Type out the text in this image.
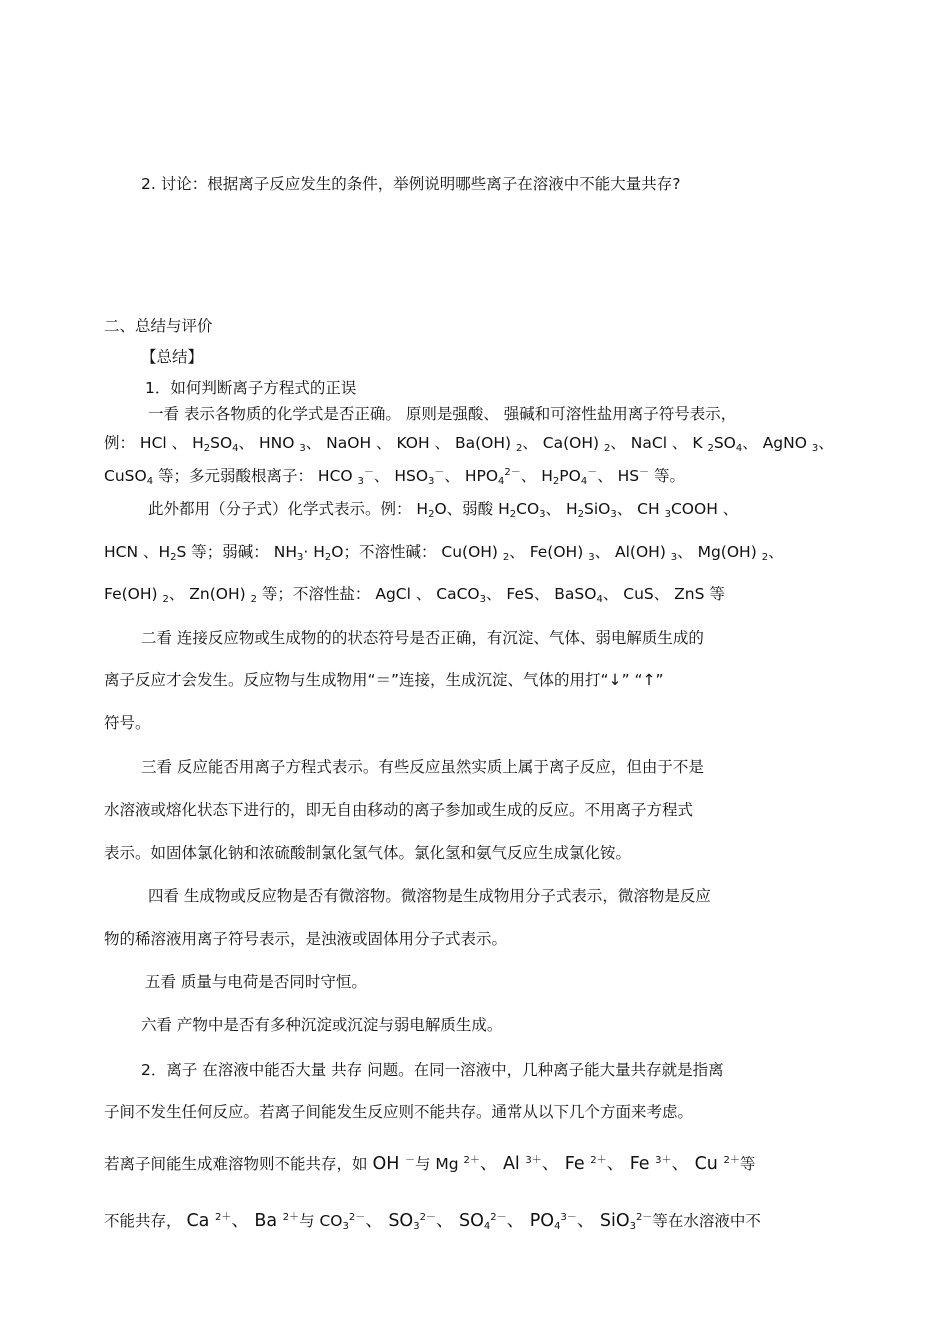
2. 讨论：根据离子反应发生的条件，举例说明哪些离子在溶液中不能大量共存?
二、总结与评价
【总结】
1．如何判断离子方程式的正误
一看 表示各物质的化学式是否正确。 原则是强酸、 强碱和可溶性盐用离子符号表示，
例： HCl 、 $H_2SO_4$、 HNO $_3$、 NaOH 、 KOH 、 Ba(OH) $_2$、 Ca(OH) $_2$、 NaCl 、 K $_2SO_4$、 AgNO $_3$、
CuSO$_4$ 等；多元弱酸根离子： HCO $_3$－、 $HSO_3^-$、 $HPO_4^{2-}$、 $H_2PO_4^-$、 HS－ 等。
此外都用（分子式）化学式表示。例： $H_2O$、弱酸 $H_2CO_3$、 $H_2SiO_3$、 CH $_3$COOH 、
HCN 、$H_2S$ 等；弱碱： $NH_3\cdot H_2O$；不溶性碱： Cu(OH) $_2$、 Fe(OH) $_3$、 Al(OH) $_3$、 Mg(OH) $_2$、
Fe(OH) $_2$、 Zn(OH) $_2$ 等；不溶性盐： AgCl 、 CaCO$_3$、 FeS、 BaSO$_4$、 CuS、 ZnS 等
二看 连接反应物或生成物的的状态符号是否正确，有沉淀、气体、弱电解质生成的
离子反应才会发生。反应物与生成物用“＝”连接，生成沉淀、气体的用打“↓” “↑”
符号。
三看 反应能否用离子方程式表示。有些反应虽然实质上属于离子反应，但由于不是
水溶液或熔化状态下进行的，即无自由移动的离子参加或生成的反应。不用离子方程式
表示。如固体氯化钠和浓硫酸制氯化氢气体。氯化氢和氨气反应生成氯化铵。
四看 生成物或反应物是否有微溶物。微溶物是生成物用分子式表示，微溶物是反应
物的稀溶液用离子符号表示，是浊液或固体用分子式表示。
五看 质量与电荷是否同时守恒。
六看 产物中是否有多种沉淀或沉淀与弱电解质生成。
2．离子 在溶液中能否大量 共存 问题。在同一溶液中，几种离子能大量共存就是指离
子间不发生任何反应。若离子间能发生反应则不能共存。通常从以下几个方面来考虑。
若离子间能生成难溶物则不能共存，如 OH －与 Mg $^{2+}$、 Al $^{3+}$、 Fe $^{2+}$、 Fe $^{3+}$、 Cu $^{2+}$等
不能共存， Ca $^{2+}$、 Ba $^{2+}$与 $CO_3^{2-}$、 $SO_3^{2-}$、 $SO_4^{2-}$、 $PO_4^{3-}$、 SiO$_3^{2-}$等在水溶液中不
